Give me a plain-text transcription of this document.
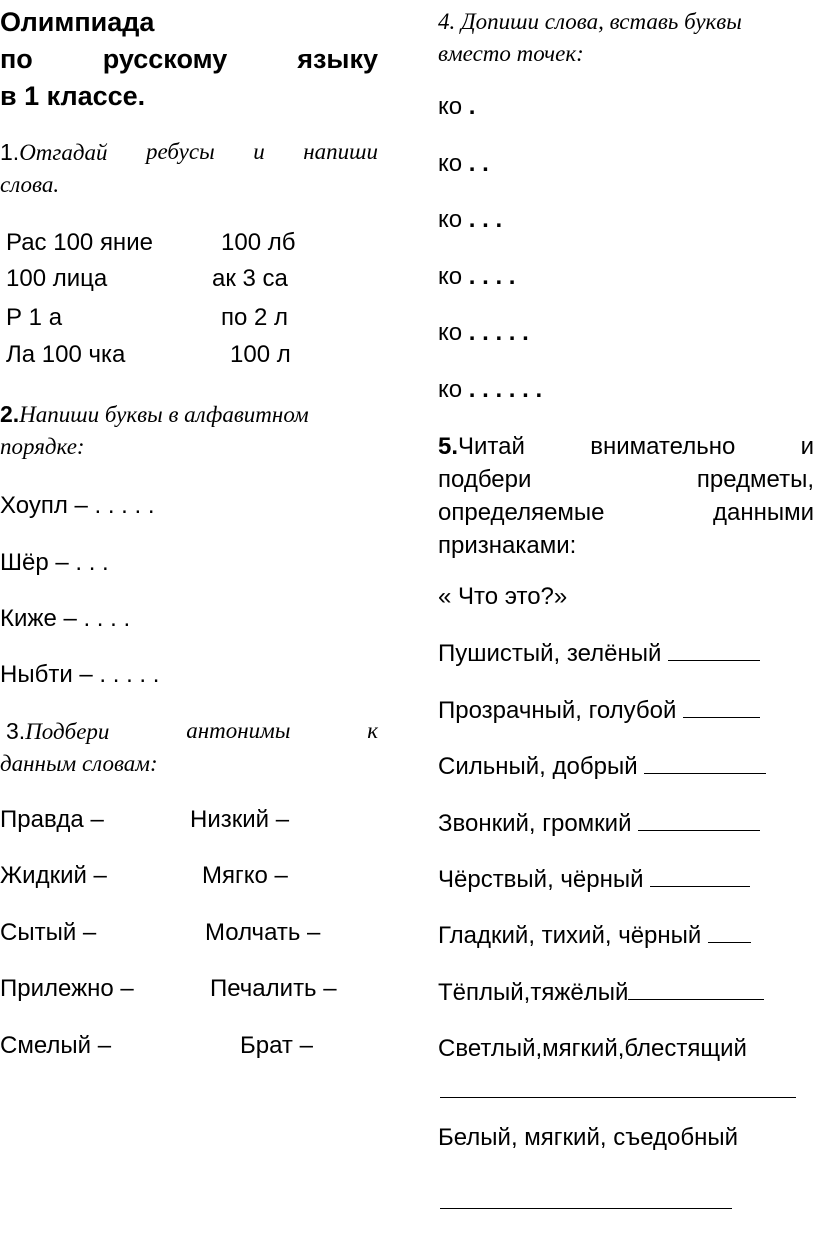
Олимпиада
по	русскому	языку
в 1 классе.
1.Отгадай ребусы и напиши
слова.
Рас 100 яние	100 лб
100 лица	ак 3 са
Р 1 а	по 2 л
Ла 100 чка	100 л
2.Напиши буквы в алфавитном
порядке:
Хоупл – . . . . .
Шёр – . . .
Киже – . . . .
Ныбти – . . . . .
3.Подбери	антонимы	к
данным словам:
Правда –	Низкий –
Жидкий –	Мягко –
Сытый –	Молчать –
Прилежно –	Печалить –
Смелый –	Брат –
4. Допиши слова, вставь буквы
вместо точек:
ко .
ко . .
ко . . .
ко . . . .
ко . . . . .
ко . . . . . .
5.Читай	внимательно	и
подбери	предметы,
определяемые	данными
признаками:
« Что это?»
Пушистый, зелёный
Прозрачный, голубой
Сильный, добрый
Звонкий, громкий
Чёрствый, чёрный
Гладкий, тихий, чёрный
Тёплый,тяжёлый
Светлый,мягкий,блестящий
Белый, мягкий, съедобный
